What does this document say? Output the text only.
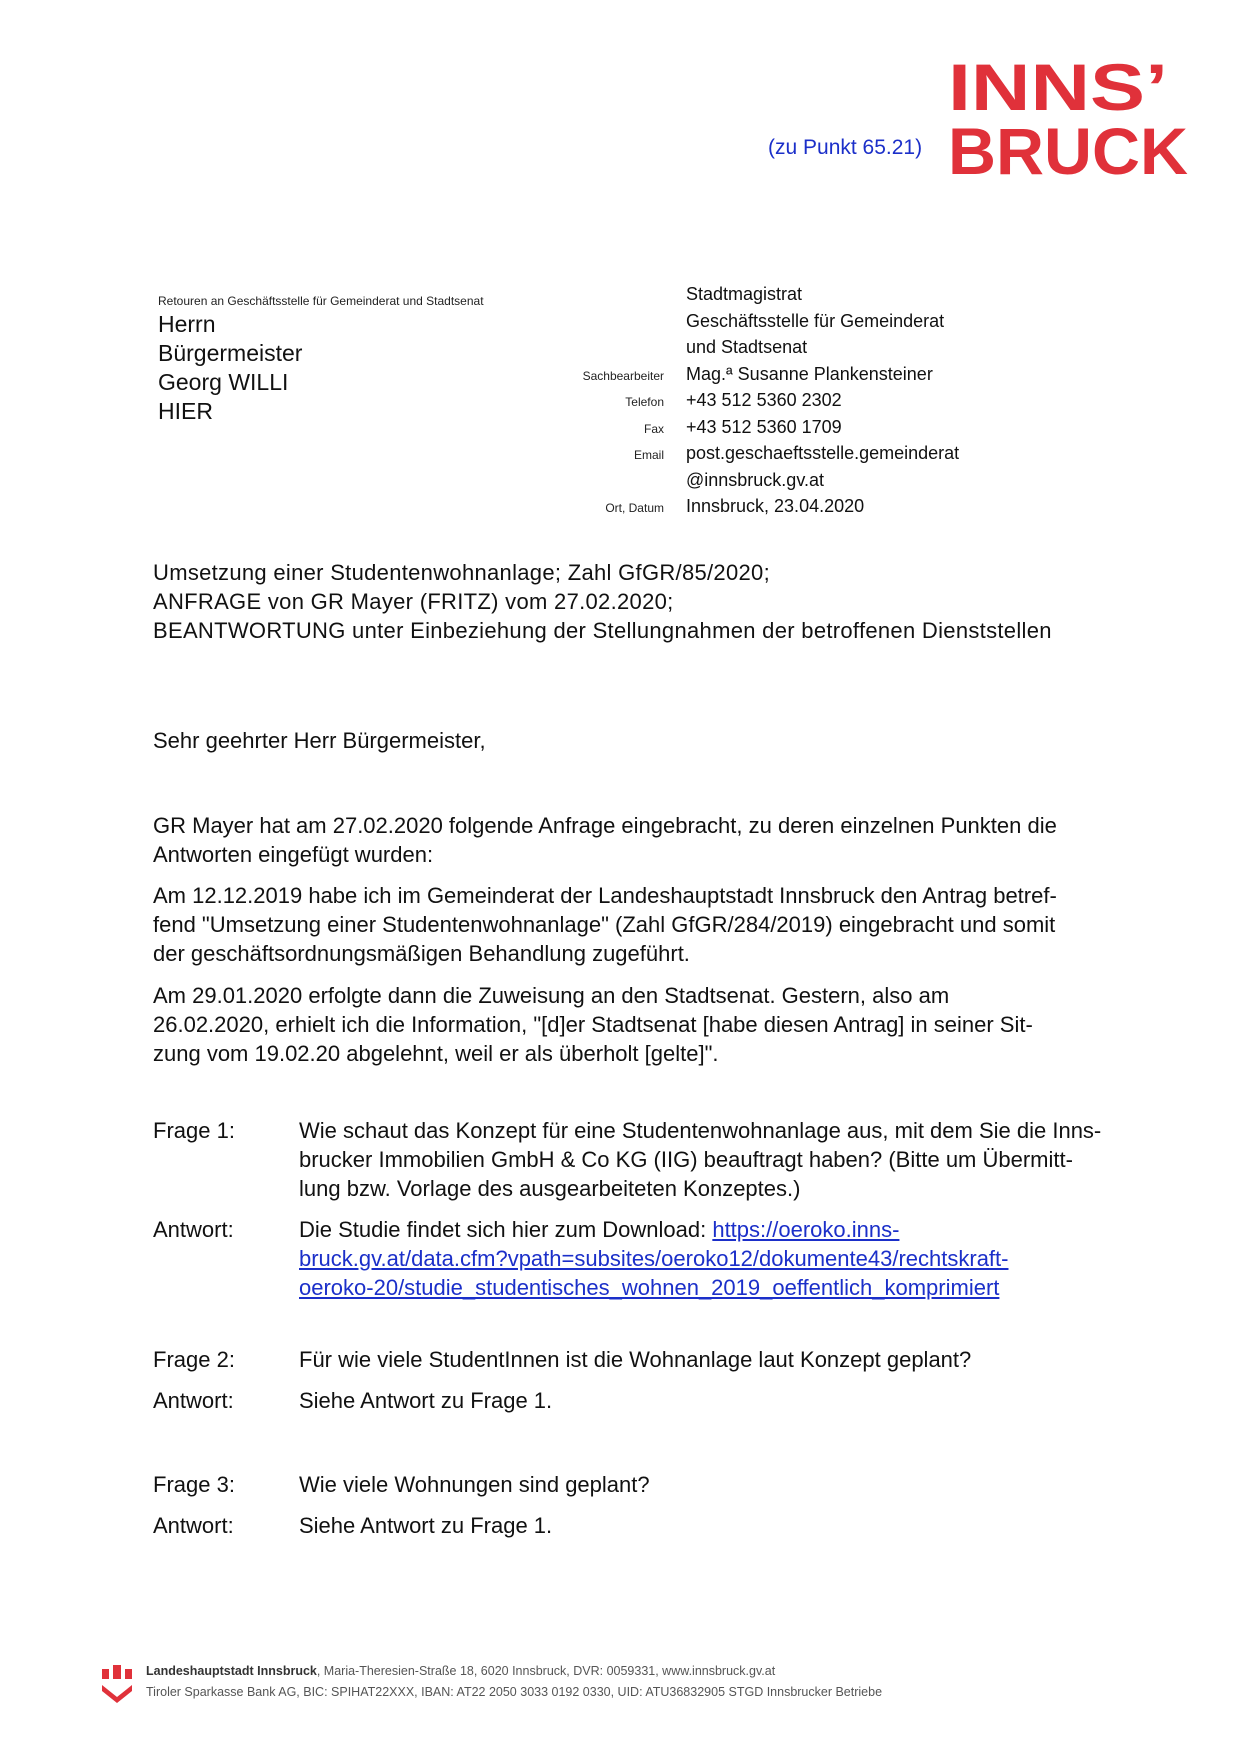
(zu Punkt 65.21)
INNS’
BRUCK
Retouren an Geschäftsstelle für Gemeinderat und Stadtsenat
Herrn
Bürgermeister
Georg WILLI
HIER
Stadtmagistrat
Geschäftsstelle für Gemeinderat
und Stadtsenat
Sachbearbeiter	Mag.ª Susanne Plankensteiner
Telefon	+43 512 5360 2302
Fax	+43 512 5360 1709
Email	post.geschaeftsstelle.gemeinderat
@innsbruck.gv.at
Ort, Datum	Innsbruck, 23.04.2020
Umsetzung einer Studentenwohnanlage; Zahl GfGR/85/2020;
ANFRAGE von GR Mayer (FRITZ) vom 27.02.2020;
BEANTWORTUNG unter Einbeziehung der Stellungnahmen der betroffenen Dienststellen
Sehr geehrter Herr Bürgermeister,
GR Mayer hat am 27.02.2020 folgende Anfrage eingebracht, zu deren einzelnen Punkten die
Antworten eingefügt wurden:
Am 12.12.2019 habe ich im Gemeinderat der Landeshauptstadt Innsbruck den Antrag betref-
fend "Umsetzung einer Studentenwohnanlage" (Zahl GfGR/284/2019) eingebracht und somit
der geschäftsordnungsmäßigen Behandlung zugeführt.
Am 29.01.2020 erfolgte dann die Zuweisung an den Stadtsenat. Gestern, also am
26.02.2020, erhielt ich die Information, "[d]er Stadtsenat [habe diesen Antrag] in seiner Sit-
zung vom 19.02.20 abgelehnt, weil er als überholt [gelte]".
Frage 1:	Wie schaut das Konzept für eine Studentenwohnanlage aus, mit dem Sie die Inns-
brucker Immobilien GmbH & Co KG (IIG) beauftragt haben? (Bitte um Übermitt-
lung bzw. Vorlage des ausgearbeiteten Konzeptes.)
Antwort:	Die Studie findet sich hier zum Download: https://oeroko.inns-
bruck.gv.at/data.cfm?vpath=subsites/oeroko12/dokumente43/rechtskraft-
oeroko-20/studie_studentisches_wohnen_2019_oeffentlich_komprimiert
Frage 2:	Für wie viele StudentInnen ist die Wohnanlage laut Konzept geplant?
Antwort:	Siehe Antwort zu Frage 1.
Frage 3:	Wie viele Wohnungen sind geplant?
Antwort:	Siehe Antwort zu Frage 1.
Landeshauptstadt Innsbruck, Maria-Theresien-Straße 18, 6020 Innsbruck, DVR: 0059331, www.innsbruck.gv.at
Tiroler Sparkasse Bank AG, BIC: SPIHAT22XXX, IBAN: AT22 2050 3033 0192 0330, UID: ATU36832905 STGD Innsbrucker Betriebe
